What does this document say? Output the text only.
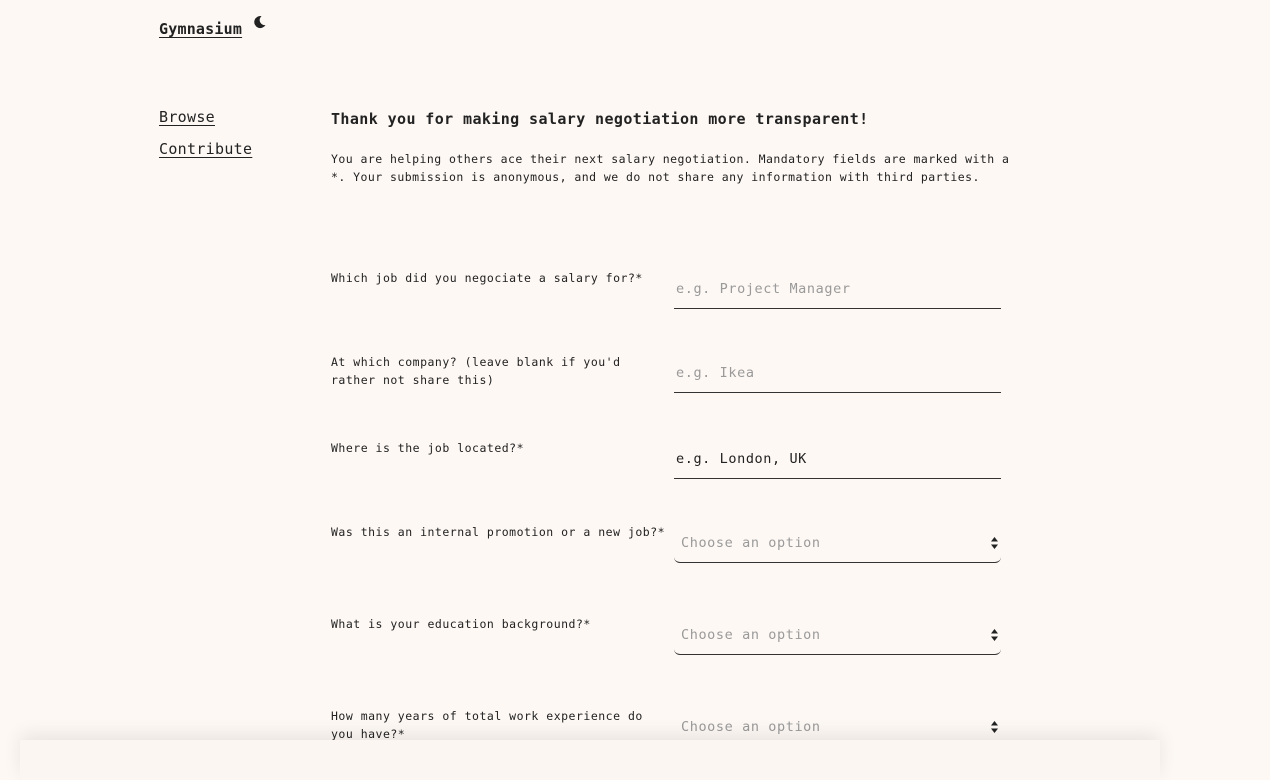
Gymnasium
Browse
Contribute
Thank you for making salary negotiation more transparent!

You are helping others ace their next salary negotiation. Mandatory fields are marked with a *. Your submission is anonymous, and we do not share any information with third parties.

Which job did you negociate a salary for?*
e.g. Project Manager
At which company? (leave blank if you'd rather not share this)
e.g. Ikea
Where is the job located?*
e.g. London, UK
Was this an internal promotion or a new job?*
Choose an option
What is your education background?*
Choose an option
How many years of total work experience do you have?*	Choose an option
